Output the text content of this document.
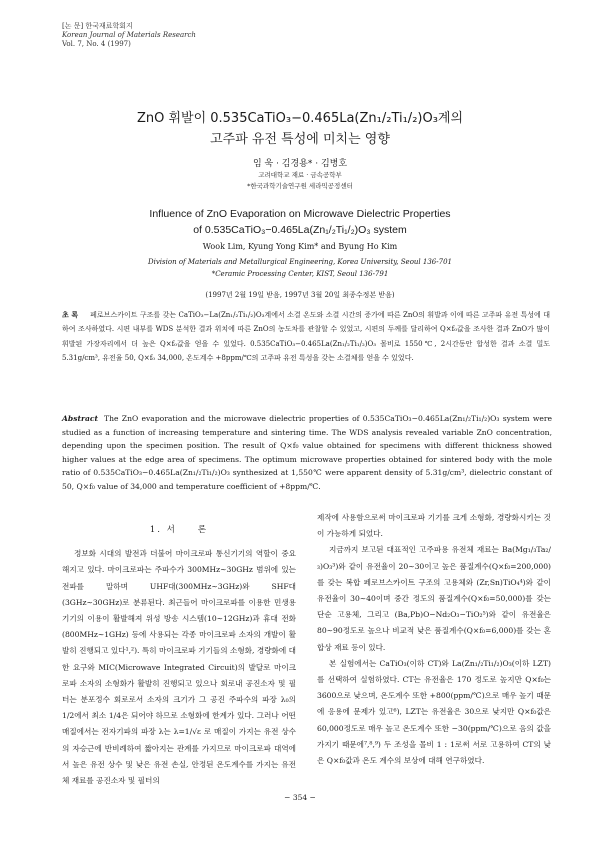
[논 문] 한국재료학회지
Korean Journal of Materials Research
Vol. 7, No. 4 (1997)
ZnO 휘발이 0.535CaTiO₃−0.465La(Zn₁/₂Ti₁/₂)O₃계의
고주파 유전 특성에 미치는 영향
임 욱 · 김경용* · 김병호
고려대학교 재료 · 금속공학부
*한국과학기술연구원 세라믹공정센터
Influence of ZnO Evaporation on Microwave Dielectric Properties
of 0.535CaTiO₃−0.465La(Zn₁/₂Ti₁/₂)O₃ system
Wook Lim, Kyung Yong Kim* and Byung Ho Kim
Division of Materials and Metallurgical Engineering, Korea University, Seoul 136-701
*Ceramic Processing Center, KIST, Seoul 136-791
(1997년 2월 19일 받음, 1997년 3월 20일 최종수정본 받음)
초 록 페로브스카이트 구조를 갖는 CaTiO₃−La(Zn₁/₂Ti₁/₂)O₃계에서 소결 온도와 소결 시간의 증가에 따른 ZnO의 휘발과 이에 따른 고주파 유전 특성에 대하여 조사하였다. 시편 내부를 WDS 분석한 결과 위치에 따른 ZnO의 농도차를 관찰할 수 있었고, 시편의 두께를 달리하여 Q×f₀값을 조사한 결과 ZnO가 많이 휘발된 가장자리에서 더 높은 Q×f₀값을 얻을 수 있었다. 0.535CaTiO₃−0.465La(Zn₁/₂Ti₁/₂)O₃ 몰비로 1550℃, 2시간동안 합성한 결과 소결 밀도 5.31g/cm³, 유전율 50, Q×f₀ 34,000, 온도계수 +8ppm/℃의 고주파 유전 특성을 갖는 소결체를 얻을 수 있었다.
Abstract The ZnO evaporation and the microwave dielectric properties of 0.535CaTiO₃−0.465La(Zn₁/₂Ti₁/₂)O₃ system were studied as a function of increasing temperature and sintering time. The WDS analysis revealed variable ZnO concentration, depending upon the specimen position. The result of Q×f₀ value obtained for specimens with different thickness showed higher values at the edge area of specimens. The optimum microwave properties obtained for sintered body with the mole ratio of 0.535CaTiO₃−0.465La(Zn₁/₂Ti₁/₂)O₃ synthesized at 1,550℃ were apparent density of 5.31g/cm³, dielectric constant of 50, Q×f₀ value of 34,000 and temperature coefficient of +8ppm/℃.

1. 서　　론

정보화 시대의 발전과 더불어 마이크로파 통신기기의 역할이 중요해지고 있다. 마이크로파는 주파수가 300MHz∼30GHz 범위에 있는 전파를 말하며 UHF대(300MHz∼3GHz)와 SHF대(3GHz∼30GHz)로 분류된다. 최근들어 마이크로파를 이용한 민생용 기기의 이용이 활발해져 위성 방송 시스템(10∼12GHz)과 휴대 전화(800MHz∼1GHz) 등에 사용되는 각종 마이크로파 소자의 개발이 활발히 진행되고 있다¹,²). 특히 마이크로파 기기들의 소형화, 경량화에 대한 요구와 MIC(Microwave Integrated Circuit)의 발달로 마이크로파 소자의 소형화가 활발히 진행되고 있으나 회로내 공진소자 및 필터는 분포정수 회로로서 소자의 크기가 그 공진 주파수의 파장 λ₀의 1/2에서 최소 1/4은 되어야 하므로 소형화에 한계가 있다. 그러나 어떤 매질에서는 전자기파의 파장 λ는 λ=1/√ε 로 매질이 가지는 유전 상수의 자승근에 반비례하여 짧아지는 관계를 가지므로 마이크로파 대역에서 높은 유전 상수 및 낮은 유전 손실, 안정된 온도계수를 가지는 유전체 재료를 공진소자 및 필터의

제작에 사용함으로써 마이크로파 기기를 크게 소형화, 경량화시키는 것이 가능하게 되었다.

지금까지 보고된 대표적인 고주파용 유전체 재료는 Ba(Mg₁/₃Ta₂/₃)O₃³)와 같이 유전율이 20∼30이고 높은 품질계수(Q×f₀=200,000)를 갖는 복합 페로브스카이트 구조의 고용체와 (Zr,Sn)TiO₄⁴)와 같이 유전율이 30∼40이며 중간 정도의 품질계수(Q×f₀=50,000)를 갖는 단순 고용체, 그리고 (Ba,Pb)O−Nd₂O₃−TiO₂⁵)와 같이 유전율은 80∼90정도로 높으나 비교적 낮은 품질계수(Q×f₀=6,000)를 갖는 혼합상 재료 등이 있다.

본 실험에서는 CaTiO₃(이하 CT)와 La(Zn₁/₂Ti₁/₂)O₃(이하 LZT)를 선택하여 실험하였다. CT는 유전율은 170 정도로 높지만 Q×f₀는 3600으로 낮으며, 온도계수 또한 +800(ppm/℃)으로 매우 높기 때문에 응용에 문제가 있고⁶), LZT는 유전율은 30으로 낮지만 Q×f₀값은 60,000정도로 매우 높고 온도계수 또한 −30(ppm/℃)으로 음의 값을 가지기 때문에⁷,⁸,⁹) 두 조성을 몰비 1 : 1로써 서로 고용하여 CT의 낮은 Q×f₀값과 온도 계수의 보상에 대해 연구하였다.

− 354 −
